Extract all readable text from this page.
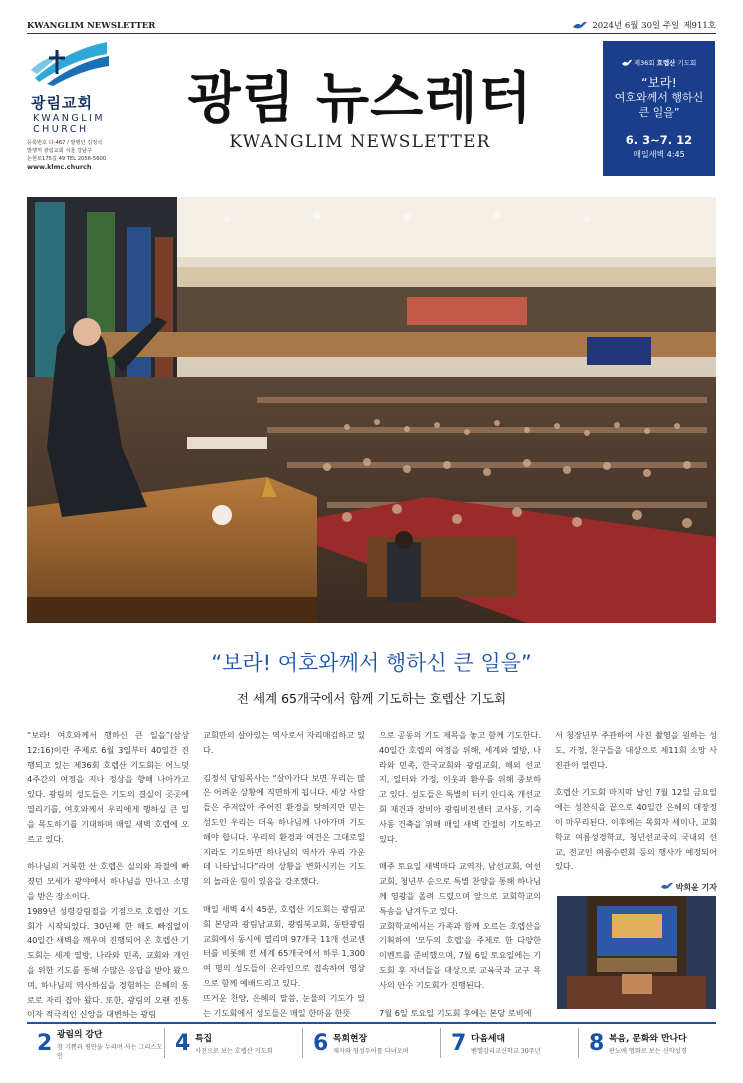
KWANGLIM NEWSLETTER	2024년 6월 30일 주일 제911호
광림교회
KWANGLIM
CHURCH
등록번호 다-467 / 발행인 김정석
발행처 광림교회 서울 강남구
논현로175길 49 TEL 2056-5600
www.klmc.church
광림 뉴스레터
KWANGLIM NEWSLETTER
제36회 호렙산 기도회
“보라!
여호와께서 행하신
큰 일을”
6. 3~7. 12
매일새벽 4:45
“보라! 여호와께서 행하신 큰 일을”
전 세계 65개국에서 함께 기도하는 호렙산 기도회

“보라! 여호와께서 행하신 큰 일을”(삼상 12:16)이란 주제로 6월 3일부터 40일간 진행되고 있는 제36회 호렙산 기도회는 어느덧 4주간의 여정을 지나 정상을 향해 나아가고 있다. 광림의 성도들은 기도의 결실이 곳곳에 열리기를, 여호와께서 우리에게 행하실 큰 일을 목도하기를 기대하며 매일 새벽 호렙에 오르고 있다.

하나님의 거룩한 산 호렙은 실의와 좌절에 빠졌던 모세가 광야에서 하나님을 만나고 소명을 받은 장소이다.

1989년 성령강림절을 기점으로 호렙산 기도회가 시작되었다. 30년째 한 해도 빠짐없이 40일간 새벽을 깨우며 진행되어 온 호렙산 기도회는 세계 열방, 나라와 민족, 교회와 개인을 위한 기도를 통해 수많은 응답을 받아 왔으며, 하나님의 역사하심을 경험하는 은혜의 통로로 자리 잡아 왔다. 또한, 광림의 오랜 전통이자 적극적인 신앙을 대변하는 광림

교회만의 살아있는 역사로서 자리매김하고 있다.

김정석 담임목사는 “살아가다 보면 우리는 많은 어려운 상황에 직면하게 됩니다. 세상 사람들은 주저앉아 주어진 환경을 탓하지만 믿는 성도인 우리는 더욱 하나님께 나아가며 기도해야 합니다. 우리의 환경과 여건은 그대로일지라도 기도하면 하나님의 역사가 우리 가운데 나타납니다”라며 상황을 변화시키는 기도의 놀라운 힘이 있음을 강조했다.

매일 새벽 4시 45분, 호렙산 기도회는 광림교회 본당과 광림남교회, 광림북교회, 동탄광림교회에서 동시에 열리며 97개국 11개 선교센터를 비롯해 전 세계 65개국에서 하루 1,300여 명의 성도들이 온라인으로 접속하여 영상으로 함께 예배드리고 있다.

뜨거운 찬양, 은혜의 말씀, 눈물의 기도가 있는 기도회에서 성도들은 매일 한마음 한뜻

으로 공동의 기도 제목을 놓고 함께 기도한다. 40일간 호렙의 여정을 위해, 세계와 열방, 나라와 민족, 한국교회와 광림교회, 해외 선교지, 일터와 가정, 이웃과 환우를 위해 중보하고 있다. 성도들은 특별히 터키 안디옥 개선교회 재건과 장비아 광림비전센터 교사동, 기숙사동 건축을 위해 매일 새벽 간절히 기도하고 있다.

매주 토요일 새벽마다 교역자, 남선교회, 여선교회, 청년부 순으로 특별 찬양을 통해 하나님께 영광을 올려 드렸으며 앞으로 교회학교의 특송을 남겨두고 있다.

교회학교에서는 가족과 함께 오르는 호렙산을 기획하여 '모두의 호렙'을 주제로 한 다양한 이벤트를 준비했으며, 7월 6일 토요일에는 기도회 후 자녀들을 대상으로 교육국과 교구 목사의 안수 기도회가 진행된다.

7월 6일 토요일 기도회 후에는 본당 로비에

서 청장년부 주관하여 사진 촬영을 원하는 성도, 가정, 친구들을 대상으로 제11회 소망 사진관이 열린다.

호렙산 기도회 마지막 날인 7월 12일 금요일에는 성찬식을 끝으로 40일간 은혜의 대장정이 마무리된다. 이후에는 목회자 세미나, 교회학교 여름성경학교, 청년선교국의 국내외 선교, 전교인 여름수련회 등의 행사가 예정되어 있다.

박희윤 기자
2 광림의 강단
참 기쁨과 평안을 누리며 사는 그리스도인
4 특집
사진으로 보는 호렙산 기도회 6 목회현장
제자와 영성두어를 다녀오며 7 다음세대
벧엘감리교신학교 30주년 8 복음, 문화와 만나다
판노에 명화로 보는 신약성경
